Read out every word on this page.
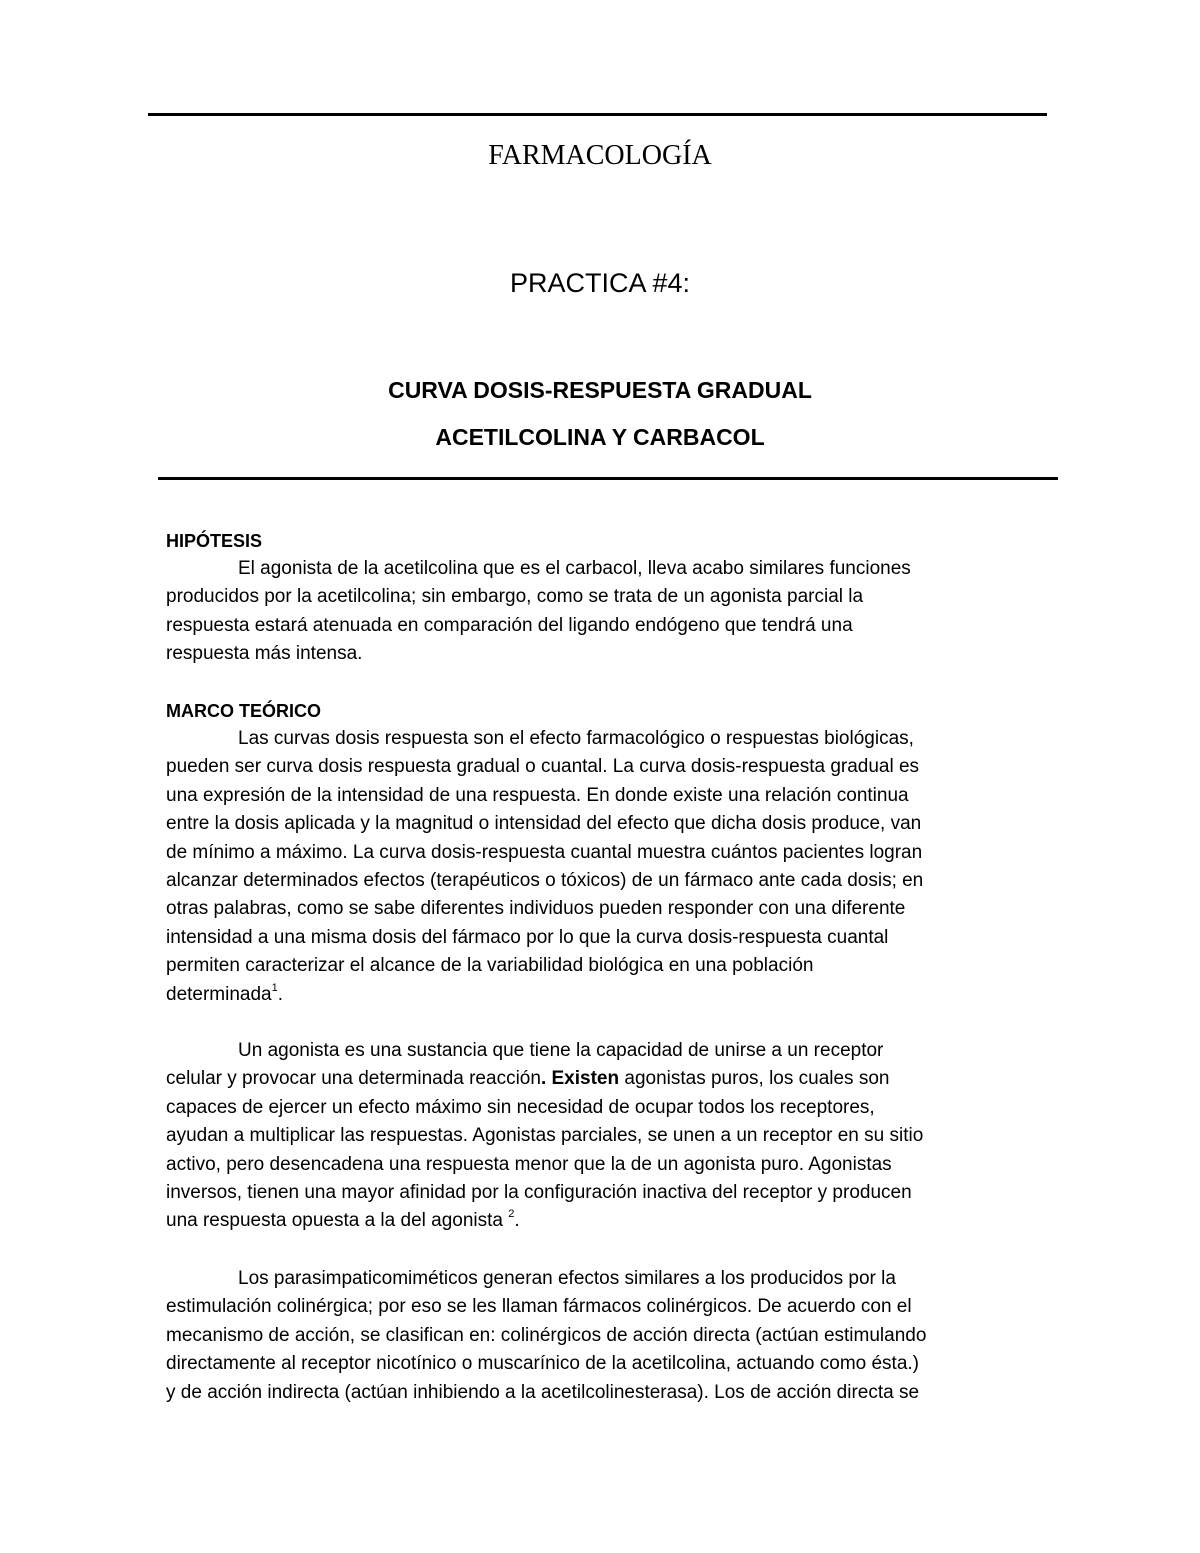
FARMACOLOGÍA
PRACTICA #4:
CURVA DOSIS-RESPUESTA GRADUAL
ACETILCOLINA Y CARBACOL
HIPÓTESIS
El agonista de la acetilcolina que es el carbacol, lleva acabo similares funciones
producidos por la acetilcolina; sin embargo, como se trata de un agonista parcial la
respuesta estará atenuada en comparación del ligando endógeno que tendrá una
respuesta más intensa.
MARCO TEÓRICO
Las curvas dosis respuesta son el efecto farmacológico o respuestas biológicas,
pueden ser curva dosis respuesta gradual o cuantal. La curva dosis-respuesta gradual es
una expresión de la intensidad de una respuesta. En donde existe una relación continua
entre la dosis aplicada y la magnitud o intensidad del efecto que dicha dosis produce, van
de mínimo a máximo. La curva dosis-respuesta cuantal muestra cuántos pacientes logran
alcanzar determinados efectos (terapéuticos o tóxicos) de un fármaco ante cada dosis; en
otras palabras, como se sabe diferentes individuos pueden responder con una diferente
intensidad a una misma dosis del fármaco por lo que la curva dosis-respuesta cuantal
permiten caracterizar el alcance de la variabilidad biológica en una población
determinada$^1$.
Un agonista es una sustancia que tiene la capacidad de unirse a un receptor
celular y provocar una determinada reacción. Existen agonistas puros, los cuales son
capaces de ejercer un efecto máximo sin necesidad de ocupar todos los receptores,
ayudan a multiplicar las respuestas. Agonistas parciales, se unen a un receptor en su sitio
activo, pero desencadena una respuesta menor que la de un agonista puro. Agonistas
inversos, tienen una mayor afinidad por la configuración inactiva del receptor y producen
una respuesta opuesta a la del agonista $^2$.
Los parasimpaticomiméticos generan efectos similares a los producidos por la
estimulación colinérgica; por eso se les llaman fármacos colinérgicos. De acuerdo con el
mecanismo de acción, se clasifican en: colinérgicos de acción directa (actúan estimulando
directamente al receptor nicotínico o muscarínico de la acetilcolina, actuando como ésta.)
y de acción indirecta (actúan inhibiendo a la acetilcolinesterasa). Los de acción directa se
